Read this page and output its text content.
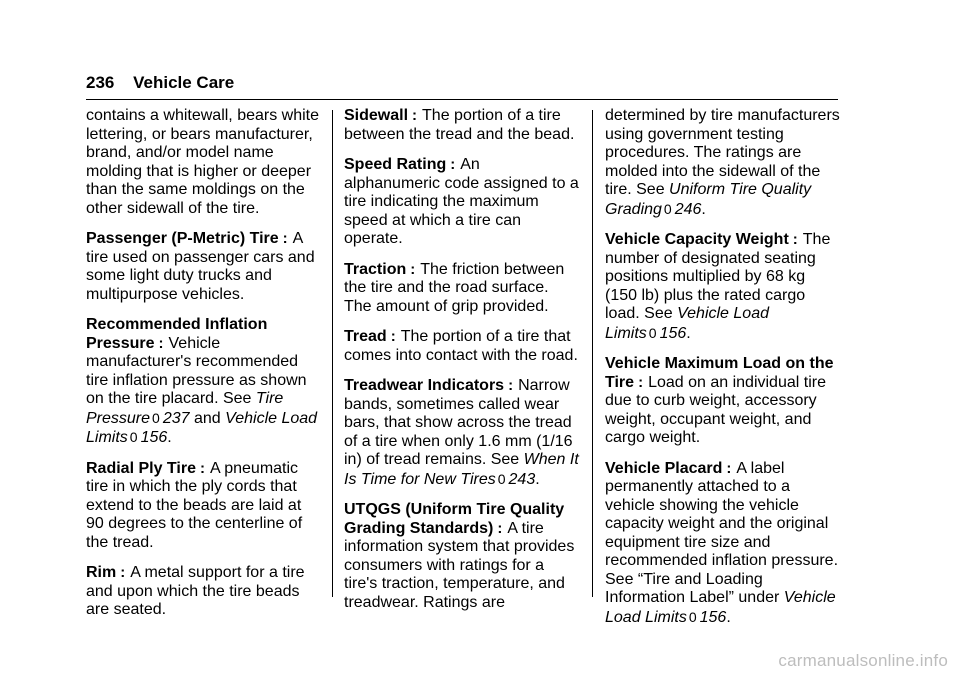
236 Vehicle Care

contains a whitewall, bears white lettering, or bears manufacturer, brand, and/or model name molding that is higher or deeper than the same moldings on the other sidewall of the tire.

Passenger (P-Metric) Tire : A tire used on passenger cars and some light duty trucks and multipurpose vehicles.

Recommended Inflation Pressure : Vehicle manufacturer's recommended tire inflation pressure as shown on the tire placard. See Tire Pressure 0 237 and Vehicle Load Limits 0 156.

Radial Ply Tire : A pneumatic tire in which the ply cords that extend to the beads are laid at 90 degrees to the centerline of the tread.

Rim : A metal support for a tire and upon which the tire beads are seated.

Sidewall : The portion of a tire between the tread and the bead.

Speed Rating : An alphanumeric code assigned to a tire indicating the maximum speed at which a tire can operate.

Traction : The friction between the tire and the road surface. The amount of grip provided.

Tread : The portion of a tire that comes into contact with the road.

Treadwear Indicators : Narrow bands, sometimes called wear bars, that show across the tread of a tire when only 1.6 mm (1/16 in) of tread remains. See When It Is Time for New Tires 0 243.

UTQGS (Uniform Tire Quality Grading Standards) : A tire information system that provides consumers with ratings for a tire's traction, temperature, and treadwear. Ratings are

determined by tire manufacturers using government testing procedures. The ratings are molded into the sidewall of the tire. See Uniform Tire Quality Grading 0 246.

Vehicle Capacity Weight : The number of designated seating positions multiplied by 68 kg (150 lb) plus the rated cargo load. See Vehicle Load Limits 0 156.

Vehicle Maximum Load on the Tire : Load on an individual tire due to curb weight, accessory weight, occupant weight, and cargo weight.

Vehicle Placard : A label permanently attached to a vehicle showing the vehicle capacity weight and the original equipment tire size and recommended inflation pressure. See “Tire and Loading Information Label” under Vehicle Load Limits 0 156.

carmanualsonline.info
